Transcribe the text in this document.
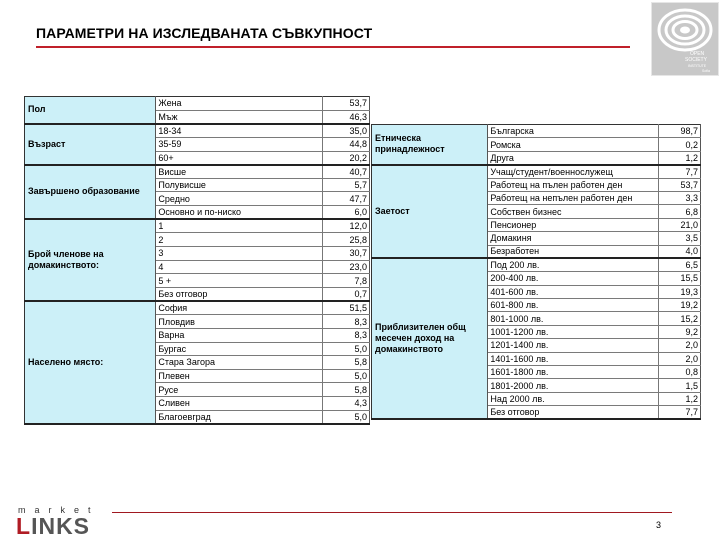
ПАРАМЕТРИ НА ИЗСЛЕДВАНАТА СЪВКУПНОСТ
OPEN
SOCIETY
INSTITUTE
Sofia
Пол	Жена	53,7
	Мъж	46,3
Възраст	18-34	35,0
	35-59	44,8
	60+	20,2
Завършено образование	Висше	40,7
	Полувисше	5,7
	Средно	47,7
	Основно и по-ниско	6,0
Брой членове на домакинството:	1	12,0
	2	25,8
	3	30,7
	4	23,0
	5 +	7,8
	Без отговор	0,7
Населено място:	София	51,5
	Пловдив	8,3
	Варна	8,3
	Бургас	5,0
	Стара Загора	5,8
	Плевен	5,0
	Русе	5,8
	Сливен	4,3
	Благоевград	5,0
Етническа принадлежност	Българска	98,7
	Ромска	0,2
	Друга	1,2
Заетост	Учащ/студент/военнослужещ	7,7
	Работещ на пълен работен ден	53,7
	Работещ на непълен работен ден	3,3
	Собствен бизнес	6,8
	Пенсионер	21,0
	Домакиня	3,5
	Безработен	4,0
Приблизителен общ месечен доход на домакинството	Под 200 лв.	6,5
	200-400 лв.	15,5
	401-600 лв.	19,3
	601-800 лв.	19,2
	801-1000 лв.	15,2
	1001-1200 лв.	9,2
	1201-1400 лв.	2,0
	1401-1600 лв.	2,0
	1601-1800 лв.	0,8
	1801-2000 лв.	1,5
	Над 2000 лв.	1,2
	Без отговор	7,7
3
market
LINKS
